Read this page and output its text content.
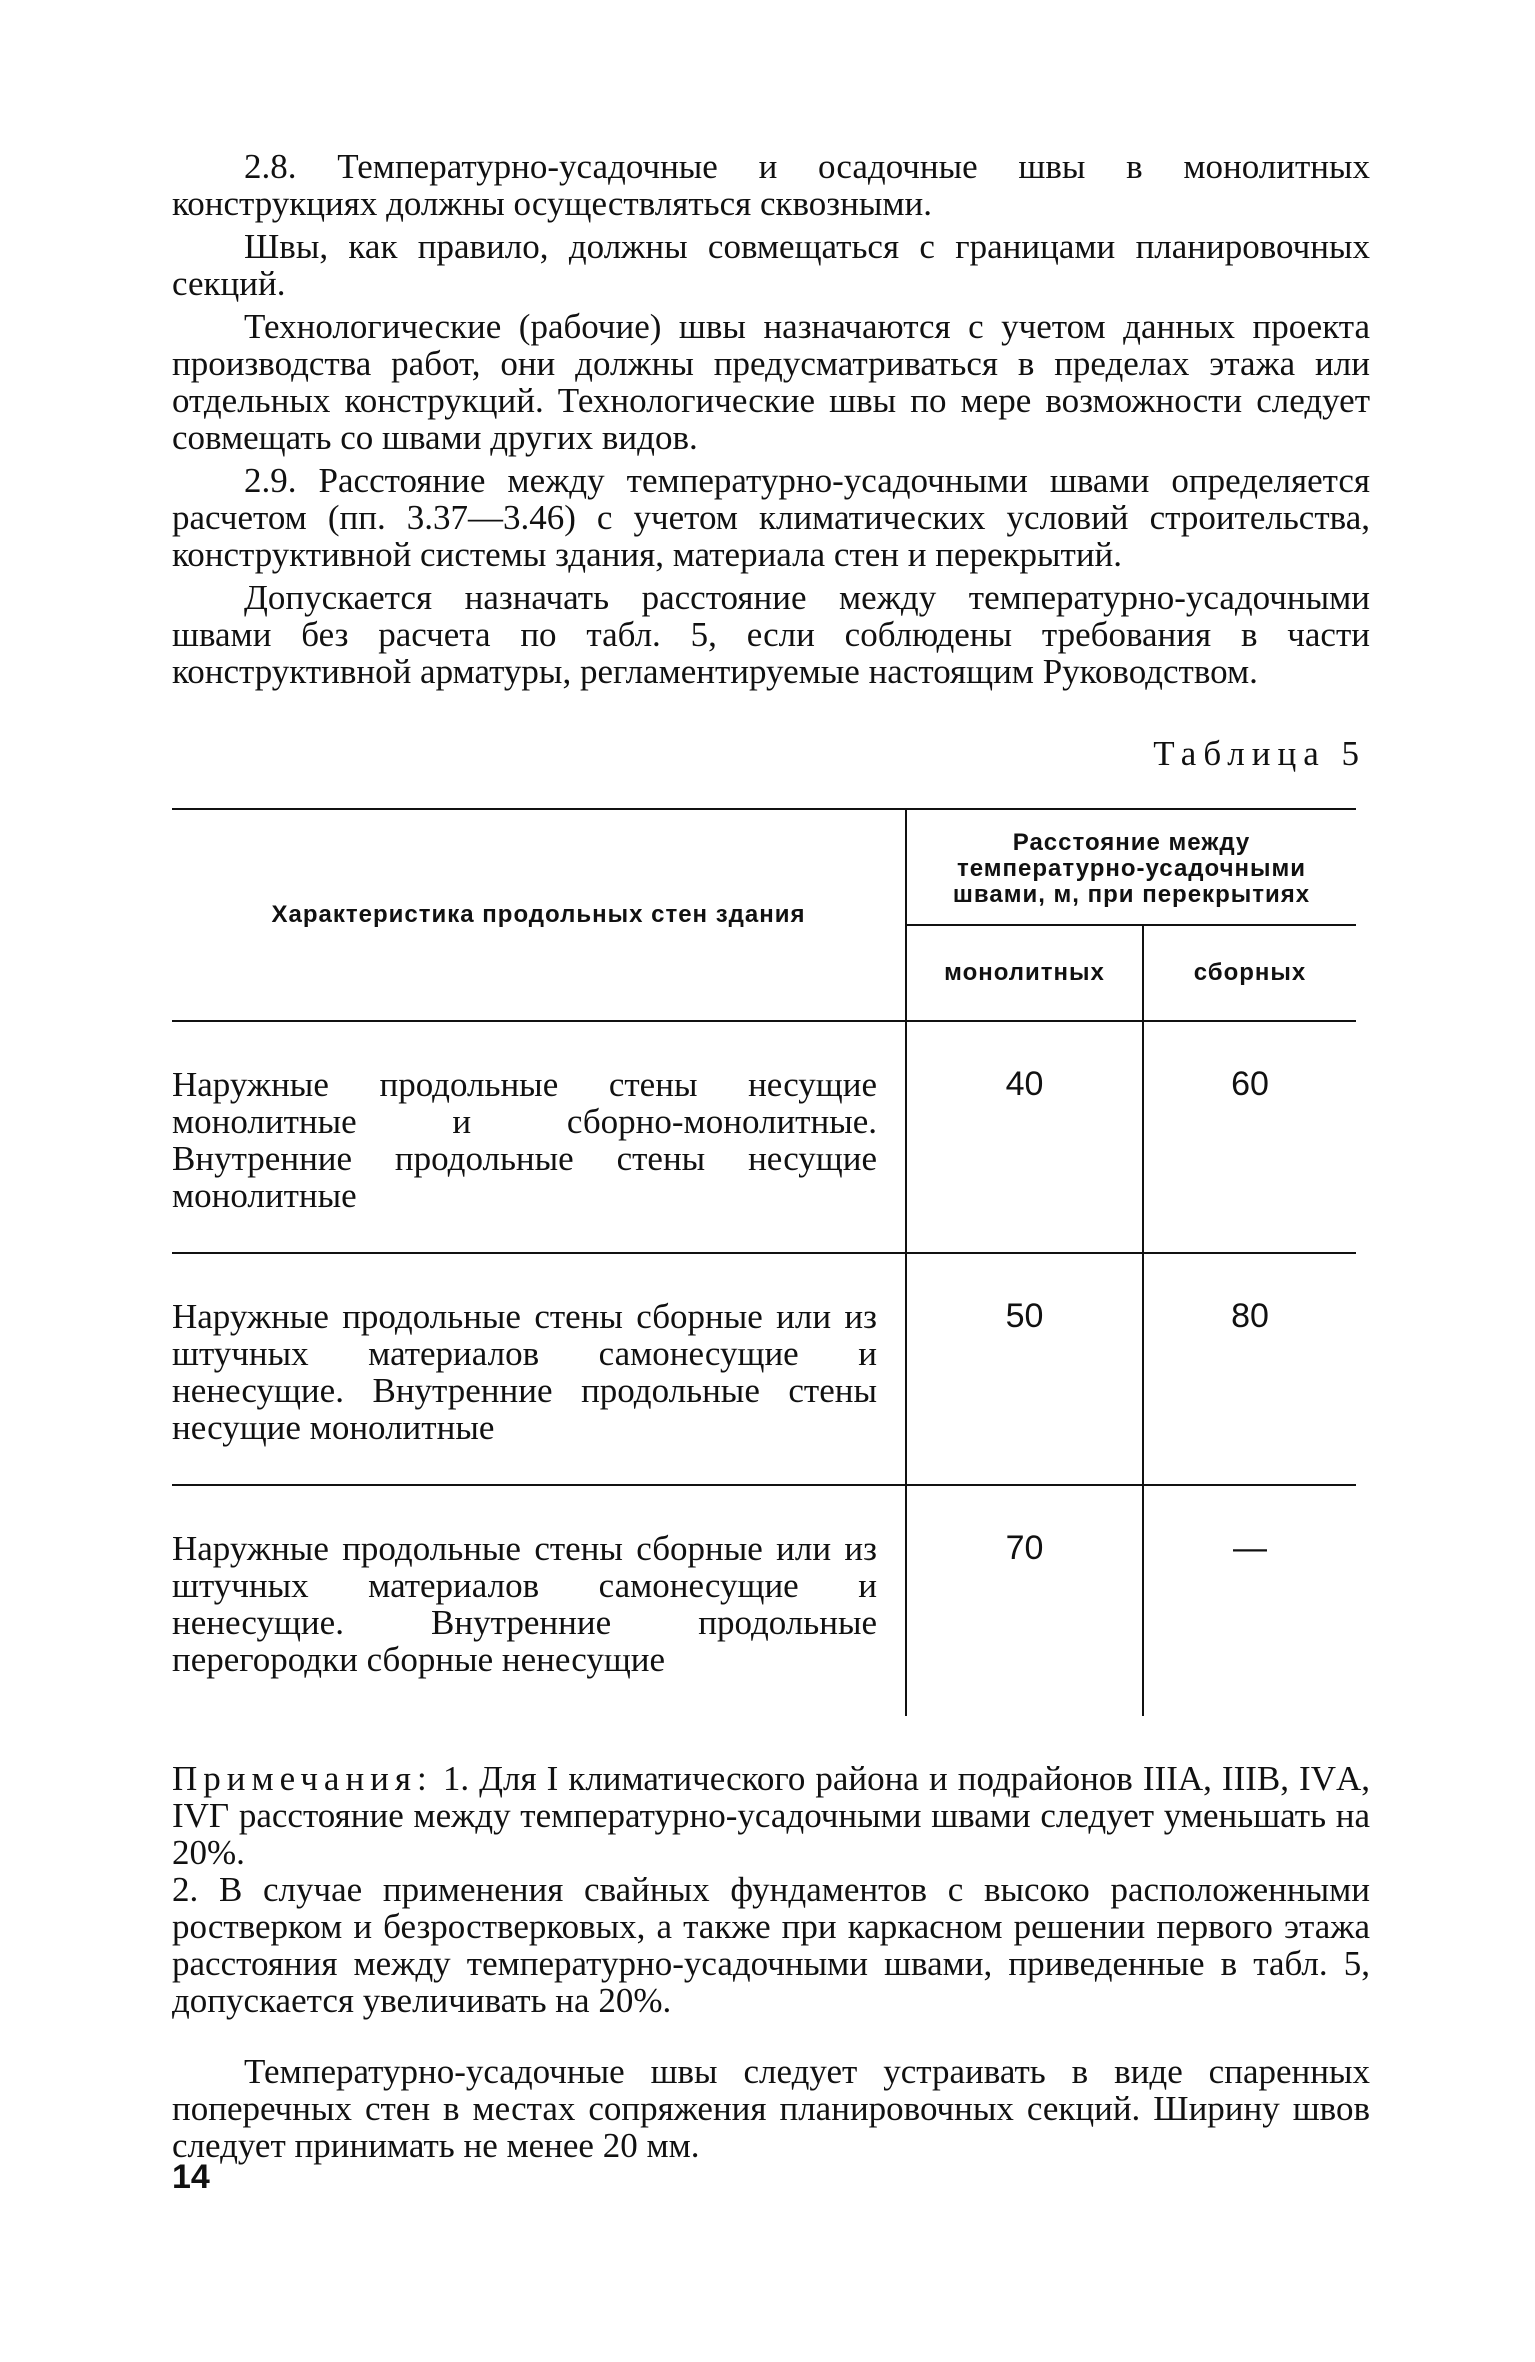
2.8. Температурно-усадочные и осадочные швы в монолитных конструкциях должны осуществляться сквозными.

Швы, как правило, должны совмещаться с границами планировочных секций.

Технологические (рабочие) швы назначаются с учетом данных проекта производства работ, они должны предусматриваться в пределах этажа или отдельных конструкций. Технологические швы по мере возможности следует совмещать со швами других видов.

2.9. Расстояние между температурно-усадочными швами определяется расчетом (пп. 3.37—3.46) с учетом климатических условий строительства, конструктивной системы здания, материала стен и перекрытий.

Допускается назначать расстояние между температурно-усадочными швами без расчета по табл. 5, если соблюдены требования в части конструктивной арматуры, регламентируемые настоящим Руководством.

Таблица 5
Характеристика продольных стен здания	Расстояние между температурно-усадочными швами, м, при перекрытиях	
	монолитных	сборных
Наружные продольные стены несущие монолитные и сборно-монолитные. Внутренние продольные стены несущие монолитные	40	60
Наружные продольные стены сборные или из штучных материалов самонесущие и ненесущие. Внутренние продольные стены несущие монолитные	50	80
Наружные продольные стены сборные или из штучных материалов самонесущие и ненесущие. Внутренние продольные перегородки сборные ненесущие	70	—

Примечания: 1. Для I климатического района и подрайонов IIIА, IIIВ, IVА, IVГ расстояние между температурно-усадочными швами следует уменьшать на 20%.

2. В случае применения свайных фундаментов с высоко расположенными ростверком и безростверковых, а также при каркасном решении первого этажа расстояния между температурно-усадочными швами, приведенные в табл. 5, допускается увеличивать на 20%.

Температурно-усадочные швы следует устраивать в виде спаренных поперечных стен в местах сопряжения планировочных секций. Ширину швов следует принимать не менее 20 мм.

14
